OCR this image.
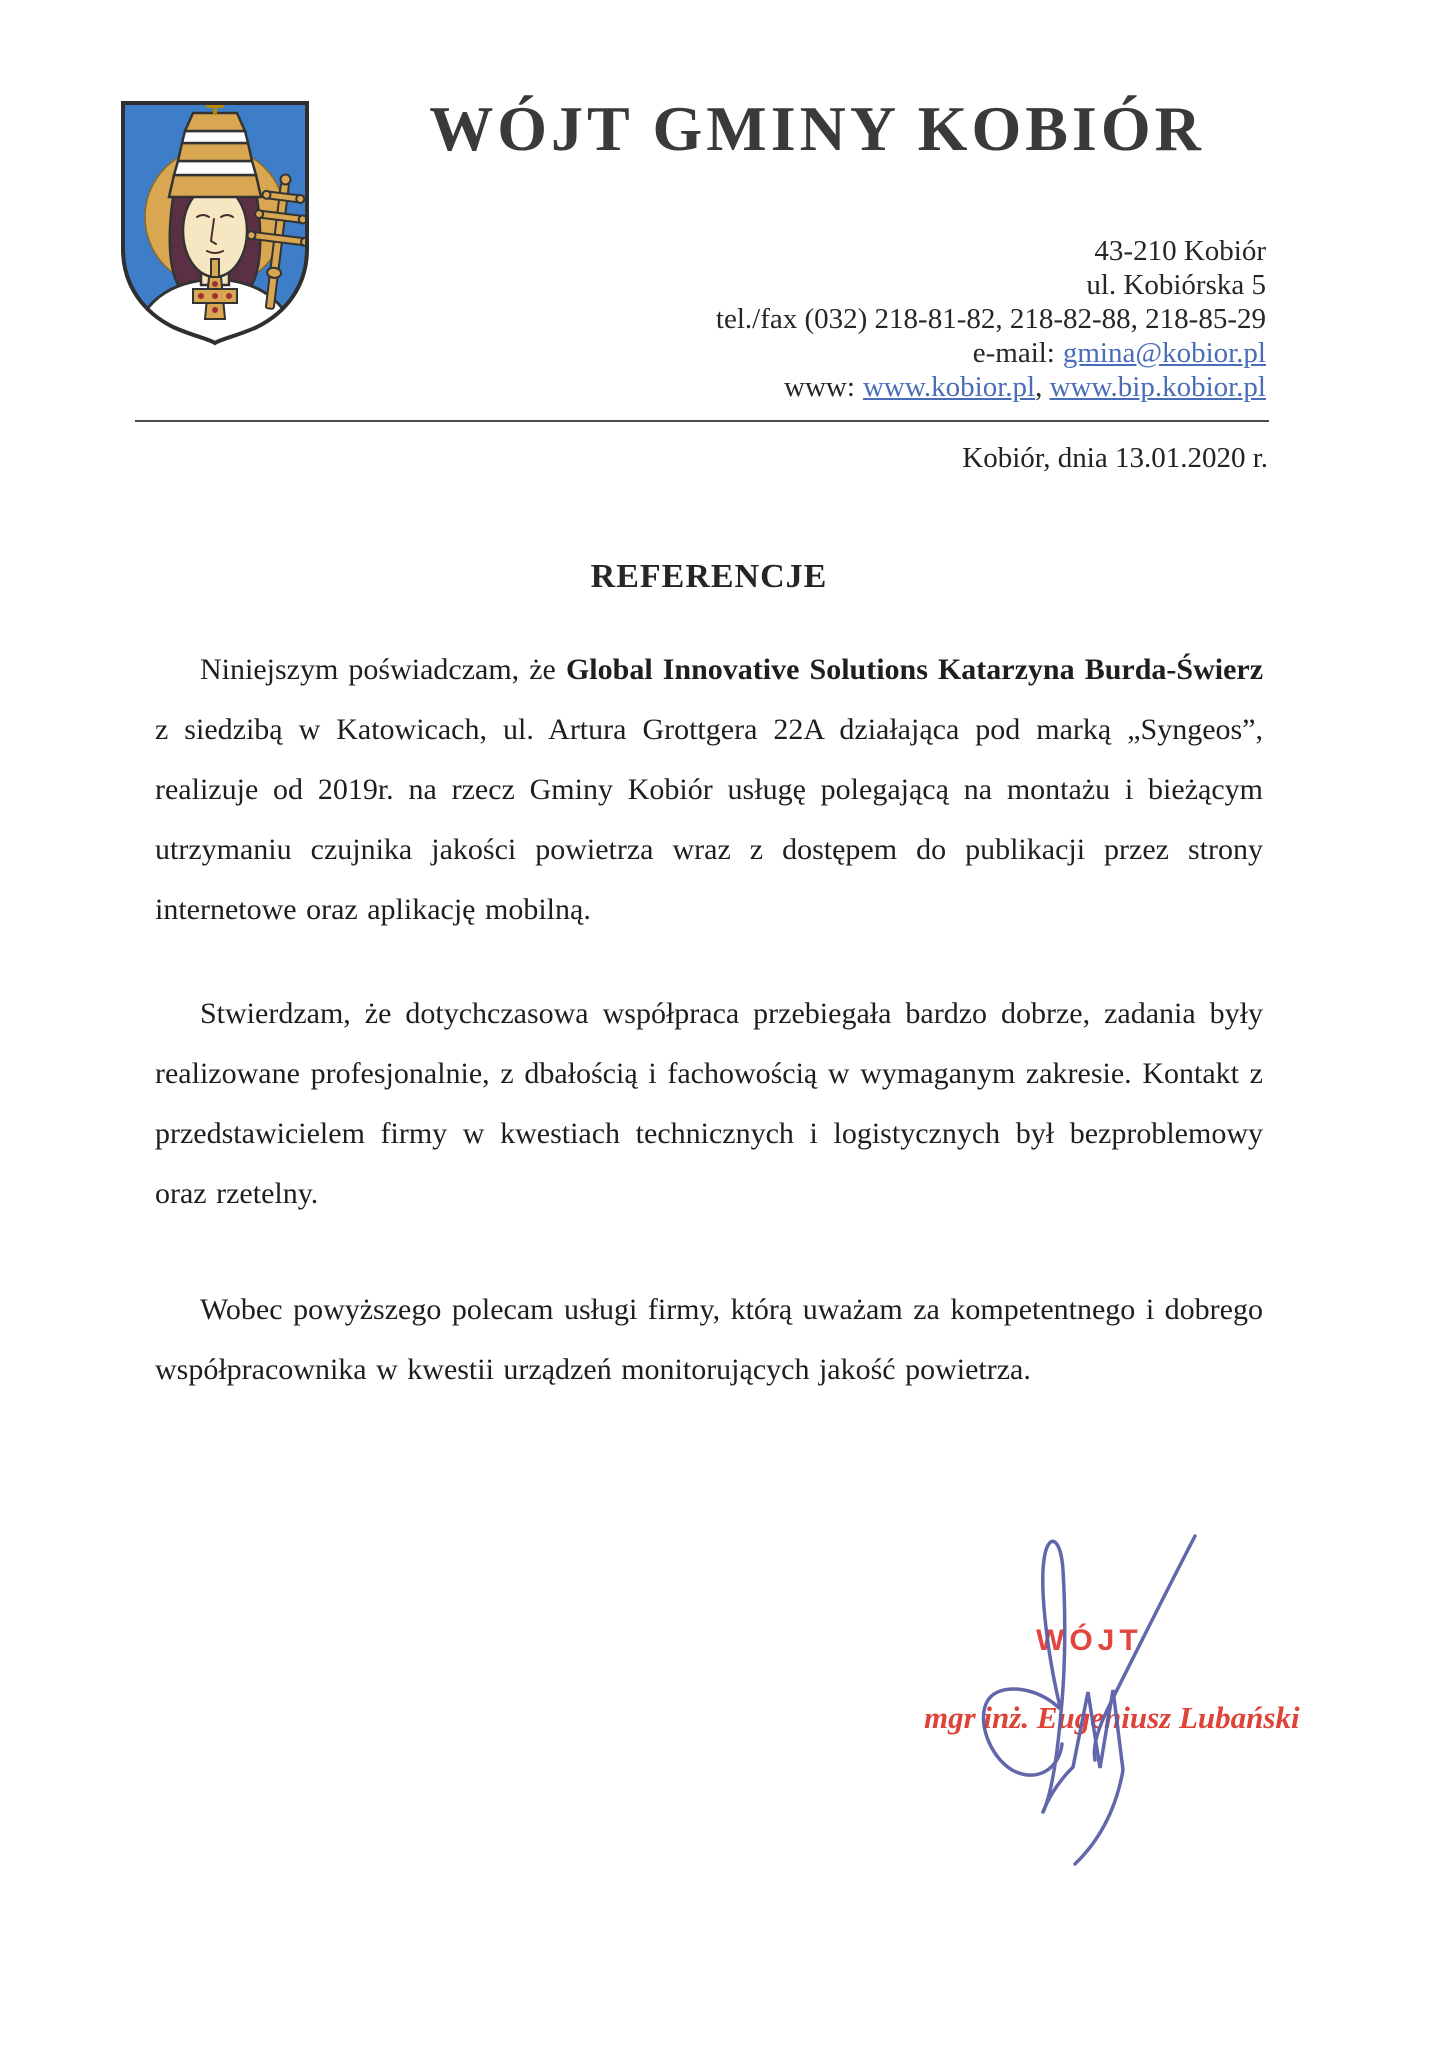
WÓJT GMINY KOBIÓR
43-210 Kobiór
ul. Kobiórska 5
tel./fax (032) 218-81-82, 218-82-88, 218-85-29
e-mail: gmina@kobior.pl
www: www.kobior.pl, www.bip.kobior.pl
Kobiór, dnia 13.01.2020 r.
REFERENCJE

Niniejszym poświadczam, że Global Innovative Solutions Katarzyna Burda-Świerz z siedzibą w Katowicach, ul. Artura Grottgera 22A działająca pod marką „Syngeos”, realizuje od 2019r. na rzecz Gminy Kobiór usługę polegającą na montażu i bieżącym utrzymaniu czujnika jakości powietrza wraz z dostępem do publikacji przez strony internetowe oraz aplikację mobilną.

Stwierdzam, że dotychczasowa współpraca przebiegała bardzo dobrze, zadania były realizowane profesjonalnie, z dbałością i fachowością w wymaganym zakresie. Kontakt z przedstawicielem firmy w kwestiach technicznych i logistycznych był bezproblemowy oraz rzetelny.

Wobec powyższego polecam usługi firmy, którą uważam za kompetentnego i dobrego współpracownika w kwestii urządzeń monitorujących jakość powietrza.

WÓJT
mgr inż. Eugeniusz Lubański
